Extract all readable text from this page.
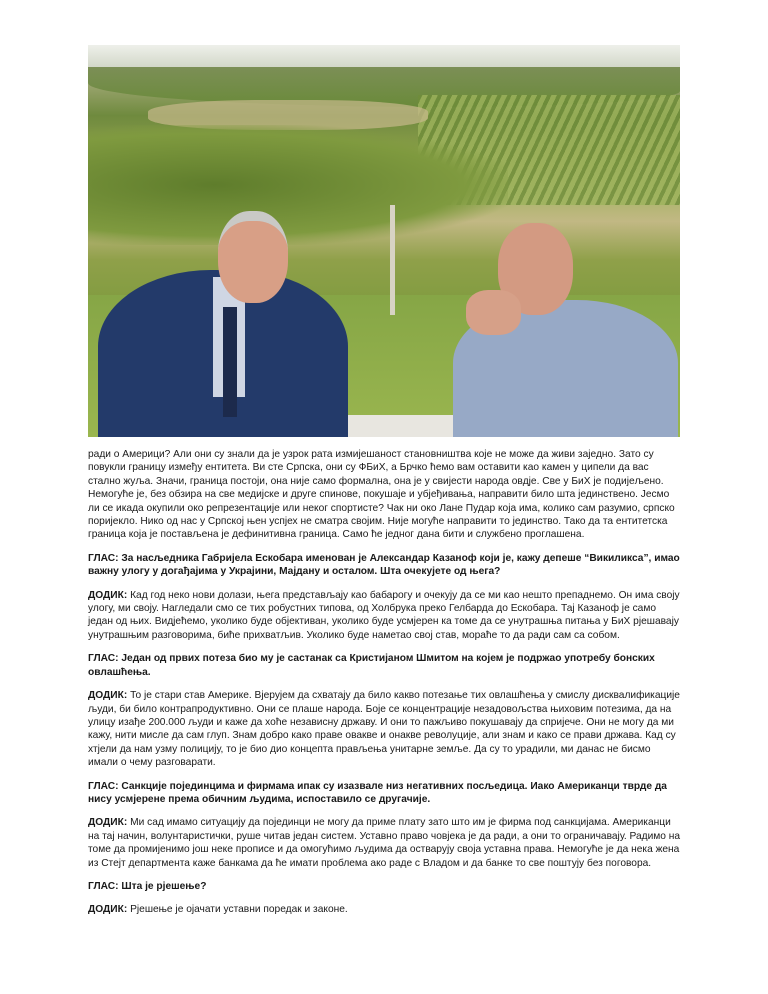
ради о Америци? Али они су знали да је узрок рата измијешаност становништва које не може да живи заједно. Зато су повукли границу између ентитета. Ви сте Српска, они су ФБиХ, а Брчко ћемо вам оставити као камен у ципели да вас стално жуља. Значи, граница постоји, она није само формална, она је у свијести народа овдје. Све у БиХ је подијељено. Немогуће је, без обзира на све медијске и друге спинове, покушаје и убјеђивања, направити било шта јединствено. Јесмо ли се икада окупили око репрезентације или неког спортисте? Чак ни око Лане Пудар која има, колико сам разумио, српско поријекло. Нико од нас у Српској њен успјех не сматра својим. Није могуће направити то јединство. Тако да та ентитетска граница која је постављена је дефинитивна граница. Само ће једног дана бити и службено проглашена.

ГЛАС: За насљедника Габријела Ескобара именован је Александар Казаноф који је, кажу депеше “Викиликса”, имао важну улогу у догађајима у Украјини, Мајдану и осталом. Шта очекујете од њега?

ДОДИК: Кад год неко нови долази, њега представљају као бабарогу и очекују да се ми као нешто препаднемо. Он има своју улогу, ми своју. Нагледали смо се тих робустних типова, од Холбрука преко Гелбарда до Ескобара. Тај Казаноф је само један од њих. Видјећемо, уколико буде објективан, уколико буде усмјерен ка томе да се унутрашња питања у БиХ рјешавају унутрашњим разговорима, биће прихватљив. Уколико буде наметао свој став, мораће то да ради сам са собом.

ГЛАС: Један од првих потеза био му је састанак са Кристијаном Шмитом на којем је подржао употребу бонских овлашћења.

ДОДИК: То је стари став Америке. Вјерујем да схватају да било какво потезање тих овлашћења у смислу дисквалификације људи, би било контрапродуктивно. Они се плаше народа. Боје се концентрације незадовољства њиховим потезима, да на улицу изађе 200.000 људи и каже да хоће независну државу. И они то пажљиво покушавају да спријече. Они не могу да ми кажу, нити мисле да сам глуп. Знам добро како праве овакве и онакве револуције, али знам и како се прави држава. Кад су хтјели да нам узму полицију, то је био дио концепта прављења унитарне земље. Да су то урадили, ми данас не бисмо имали о чему разговарати.

ГЛАС: Санкције појединцима и фирмама ипак су изазвале низ негативних посљедица. Иако Американци тврде да нису усмјерене према обичним људима, испоставило се другачије.

ДОДИК: Ми сад имамо ситуацију да појединци не могу да приме плату зато што им је фирма под санкцијама. Американци на тај начин, волунтаристички, руше читав један систем. Уставно право човјека је да ради, а они то ограничавају. Радимо на томе да промијенимо још неке прописе и да омогућимо људима да остварују своја уставна права. Немогуће је да нека жена из Стејт департмента каже банкама да ће имати проблема ако раде с Владом и да банке то све поштују без поговора.

ГЛАС: Шта је рјешење?

ДОДИК: Рјешење је ојачати уставни поредак и законе.
